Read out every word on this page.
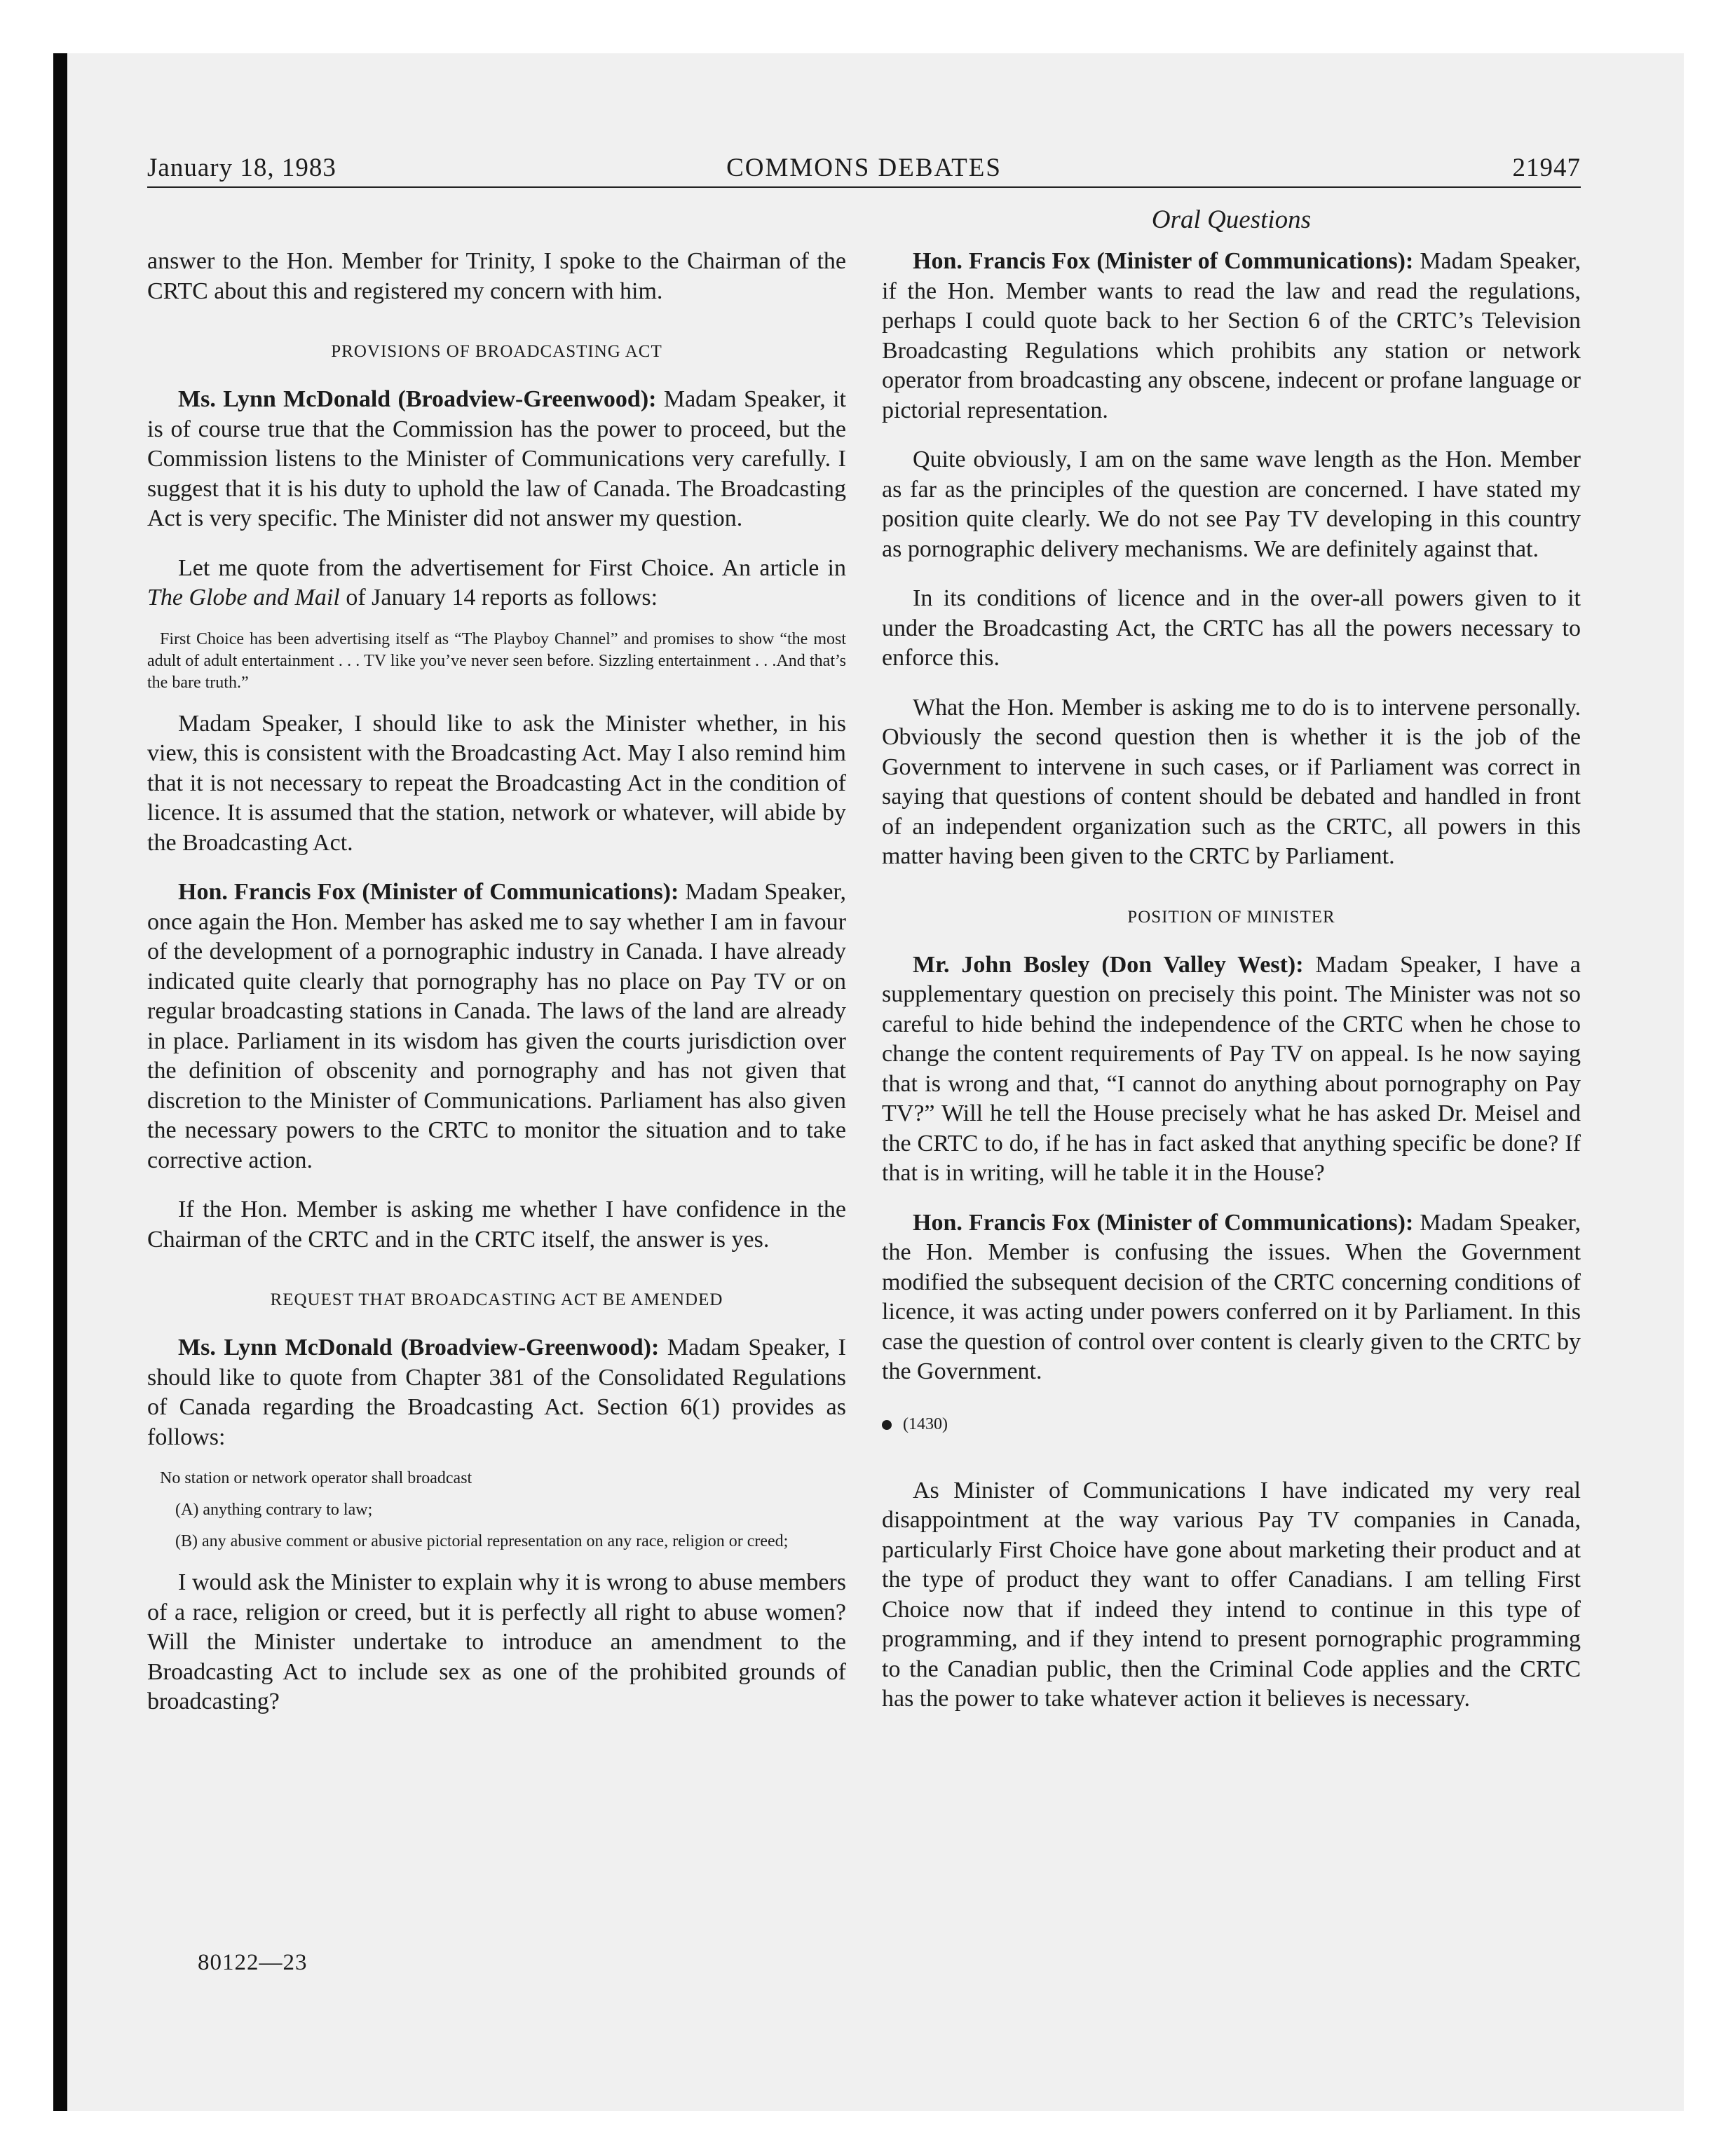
January 18, 1983	COMMONS DEBATES	21947
Oral Questions

answer to the Hon. Member for Trinity, I spoke to the Chairman of the CRTC about this and registered my concern with him.

PROVISIONS OF BROADCASTING ACT

Ms. Lynn McDonald (Broadview-Greenwood): Madam Speaker, it is of course true that the Commission has the power to proceed, but the Commission listens to the Minister of Communications very carefully. I suggest that it is his duty to uphold the law of Canada. The Broadcasting Act is very specific. The Minister did not answer my question.

Let me quote from the advertisement for First Choice. An article in The Globe and Mail of January 14 reports as follows:

First Choice has been advertising itself as “The Playboy Channel” and promises to show “the most adult of adult entertainment . . . TV like you’ve never seen before. Sizzling entertainment . . .And that’s the bare truth.”

Madam Speaker, I should like to ask the Minister whether, in his view, this is consistent with the Broadcasting Act. May I also remind him that it is not necessary to repeat the Broadcasting Act in the condition of licence. It is assumed that the station, network or whatever, will abide by the Broadcasting Act.

Hon. Francis Fox (Minister of Communications): Madam Speaker, once again the Hon. Member has asked me to say whether I am in favour of the development of a pornographic industry in Canada. I have already indicated quite clearly that pornography has no place on Pay TV or on regular broadcasting stations in Canada. The laws of the land are already in place. Parliament in its wisdom has given the courts jurisdiction over the definition of obscenity and pornography and has not given that discretion to the Minister of Communications. Parliament has also given the necessary powers to the CRTC to monitor the situation and to take corrective action.

If the Hon. Member is asking me whether I have confidence in the Chairman of the CRTC and in the CRTC itself, the answer is yes.

REQUEST THAT BROADCASTING ACT BE AMENDED

Ms. Lynn McDonald (Broadview-Greenwood): Madam Speaker, I should like to quote from Chapter 381 of the Consolidated Regulations of Canada regarding the Broadcasting Act. Section 6(1) provides as follows:

No station or network operator shall broadcast
(A) anything contrary to law;
(B) any abusive comment or abusive pictorial representation on any race, religion or creed;

I would ask the Minister to explain why it is wrong to abuse members of a race, religion or creed, but it is perfectly all right to abuse women? Will the Minister undertake to introduce an amendment to the Broadcasting Act to include sex as one of the prohibited grounds of broadcasting?

Hon. Francis Fox (Minister of Communications): Madam Speaker, if the Hon. Member wants to read the law and read the regulations, perhaps I could quote back to her Section 6 of the CRTC’s Television Broadcasting Regulations which prohibits any station or network operator from broadcasting any obscene, indecent or profane language or pictorial representation.

Quite obviously, I am on the same wave length as the Hon. Member as far as the principles of the question are concerned. I have stated my position quite clearly. We do not see Pay TV developing in this country as pornographic delivery mechanisms. We are definitely against that.

In its conditions of licence and in the over-all powers given to it under the Broadcasting Act, the CRTC has all the powers necessary to enforce this.

What the Hon. Member is asking me to do is to intervene personally. Obviously the second question then is whether it is the job of the Government to intervene in such cases, or if Parliament was correct in saying that questions of content should be debated and handled in front of an independent organization such as the CRTC, all powers in this matter having been given to the CRTC by Parliament.

POSITION OF MINISTER

Mr. John Bosley (Don Valley West): Madam Speaker, I have a supplementary question on precisely this point. The Minister was not so careful to hide behind the independence of the CRTC when he chose to change the content requirements of Pay TV on appeal. Is he now saying that is wrong and that, “I cannot do anything about pornography on Pay TV?” Will he tell the House precisely what he has asked Dr. Meisel and the CRTC to do, if he has in fact asked that anything specific be done? If that is in writing, will he table it in the House?

Hon. Francis Fox (Minister of Communications): Madam Speaker, the Hon. Member is confusing the issues. When the Government modified the subsequent decision of the CRTC concerning conditions of licence, it was acting under powers conferred on it by Parliament. In this case the question of control over content is clearly given to the CRTC by the Government.

(1430)

As Minister of Communications I have indicated my very real disappointment at the way various Pay TV companies in Canada, particularly First Choice have gone about marketing their product and at the type of product they want to offer Canadians. I am telling First Choice now that if indeed they intend to continue in this type of programming, and if they intend to present pornographic programming to the Canadian public, then the Criminal Code applies and the CRTC has the power to take whatever action it believes is necessary.

80122—23
